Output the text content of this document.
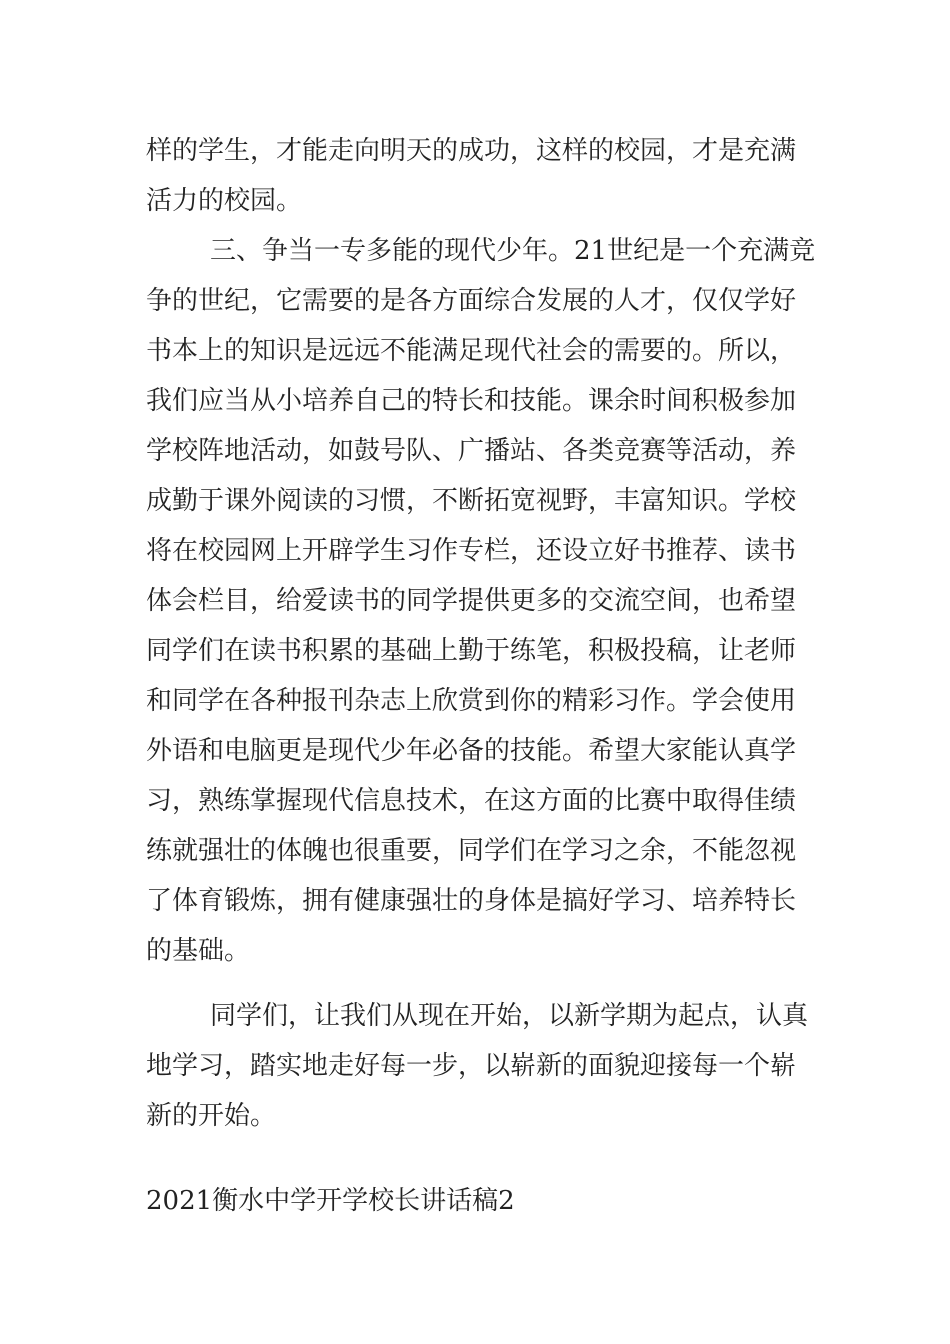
样的学生，才能走向明天的成功，这样的校园，才是充满
活力的校园。
三、争当一专多能的现代少年。21世纪是一个充满竞
争的世纪，它需要的是各方面综合发展的人才，仅仅学好
书本上的知识是远远不能满足现代社会的需要的。所以，
我们应当从小培养自己的特长和技能。课余时间积极参加
学校阵地活动，如鼓号队、广播站、各类竞赛等活动，养
成勤于课外阅读的习惯，不断拓宽视野，丰富知识。学校
将在校园网上开辟学生习作专栏，还设立好书推荐、读书
体会栏目，给爱读书的同学提供更多的交流空间，也希望
同学们在读书积累的基础上勤于练笔，积极投稿，让老师
和同学在各种报刊杂志上欣赏到你的精彩习作。学会使用
外语和电脑更是现代少年必备的技能。希望大家能认真学
习，熟练掌握现代信息技术，在这方面的比赛中取得佳绩
练就强壮的体魄也很重要，同学们在学习之余，不能忽视
了体育锻炼，拥有健康强壮的身体是搞好学习、培养特长
的基础。
同学们，让我们从现在开始，以新学期为起点，认真
地学习，踏实地走好每一步，以崭新的面貌迎接每一个崭
新的开始。
2021衡水中学开学校长讲话稿2
